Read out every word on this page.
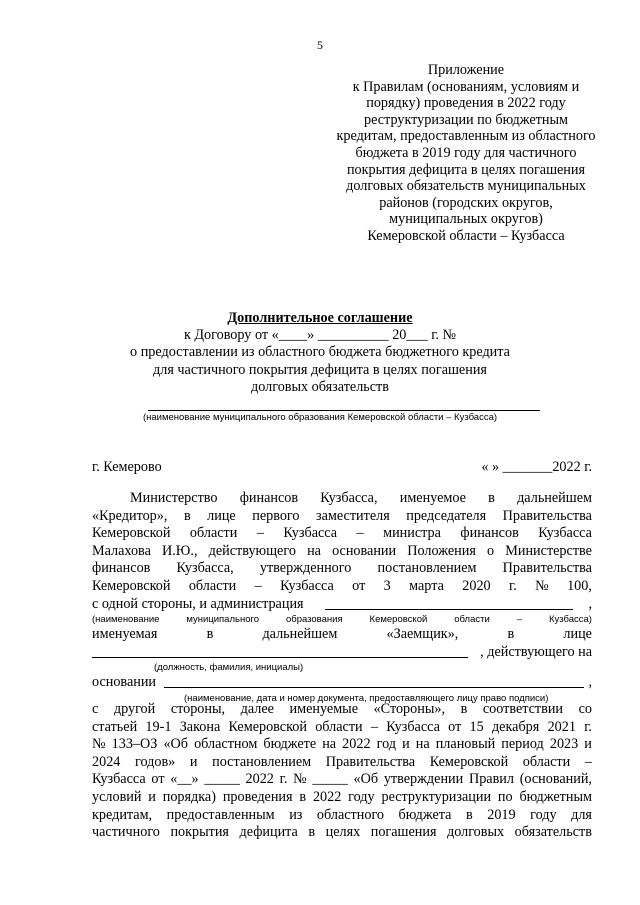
5
Приложение
к Правилам (основаниям, условиям и
порядку) проведения в 2022 году
реструктуризации по бюджетным
кредитам, предоставленным из областного
бюджета в 2019 году для частичного
покрытия дефицита в целях погашения
долговых обязательств муниципальных
районов (городских округов,
муниципальных округов)
Кемеровской области – Кузбасса
Дополнительное соглашение
к Договору от «____» __________ 20___ г. №
о предоставлении из областного бюджета бюджетного кредита
для частичного покрытия дефицита в целях погашения
долговых обязательств
(наименование муниципального образования Кемеровской области – Кузбасса)
г. Кемерово	« » _______2022 г.
Министерство финансов Кузбасса, именуемое в дальнейшем
«Кредитор», в лице первого заместителя председателя Правительства
Кемеровской области – Кузбасса – министра финансов Кузбасса
Малахова И.Ю., действующего на основании Положения о Министерстве
финансов Кузбасса, утвержденного постановлением Правительства
Кемеровской области – Кузбасса от 3 марта 2020 г. № 100,
с одной стороны, и администрация	,
(наименование	муниципального	образования	Кемеровской	области	–	Кузбасса)
именуемая	в	дальнейшем	«Заемщик»,	в	лице
, действующего на
(должность, фамилия, инициалы)
основании	,
(наименование, дата и номер документа, предоставляющего лицу право подписи)
с другой стороны, далее именуемые «Стороны», в соответствии со
статьей 19-1 Закона Кемеровской области – Кузбасса от 15 декабря 2021 г.
№ 133–ОЗ «Об областном бюджете на 2022 год и на плановый период 2023 и
2024 годов» и постановлением Правительства Кемеровской области –
Кузбасса от «__» _____ 2022 г. № _____ «Об утверждении Правил (оснований,
условий и порядка) проведения в 2022 году реструктуризации по бюджетным
кредитам, предоставленным из областного бюджета в 2019 году для
частичного покрытия дефицита в целях погашения долговых обязательств
